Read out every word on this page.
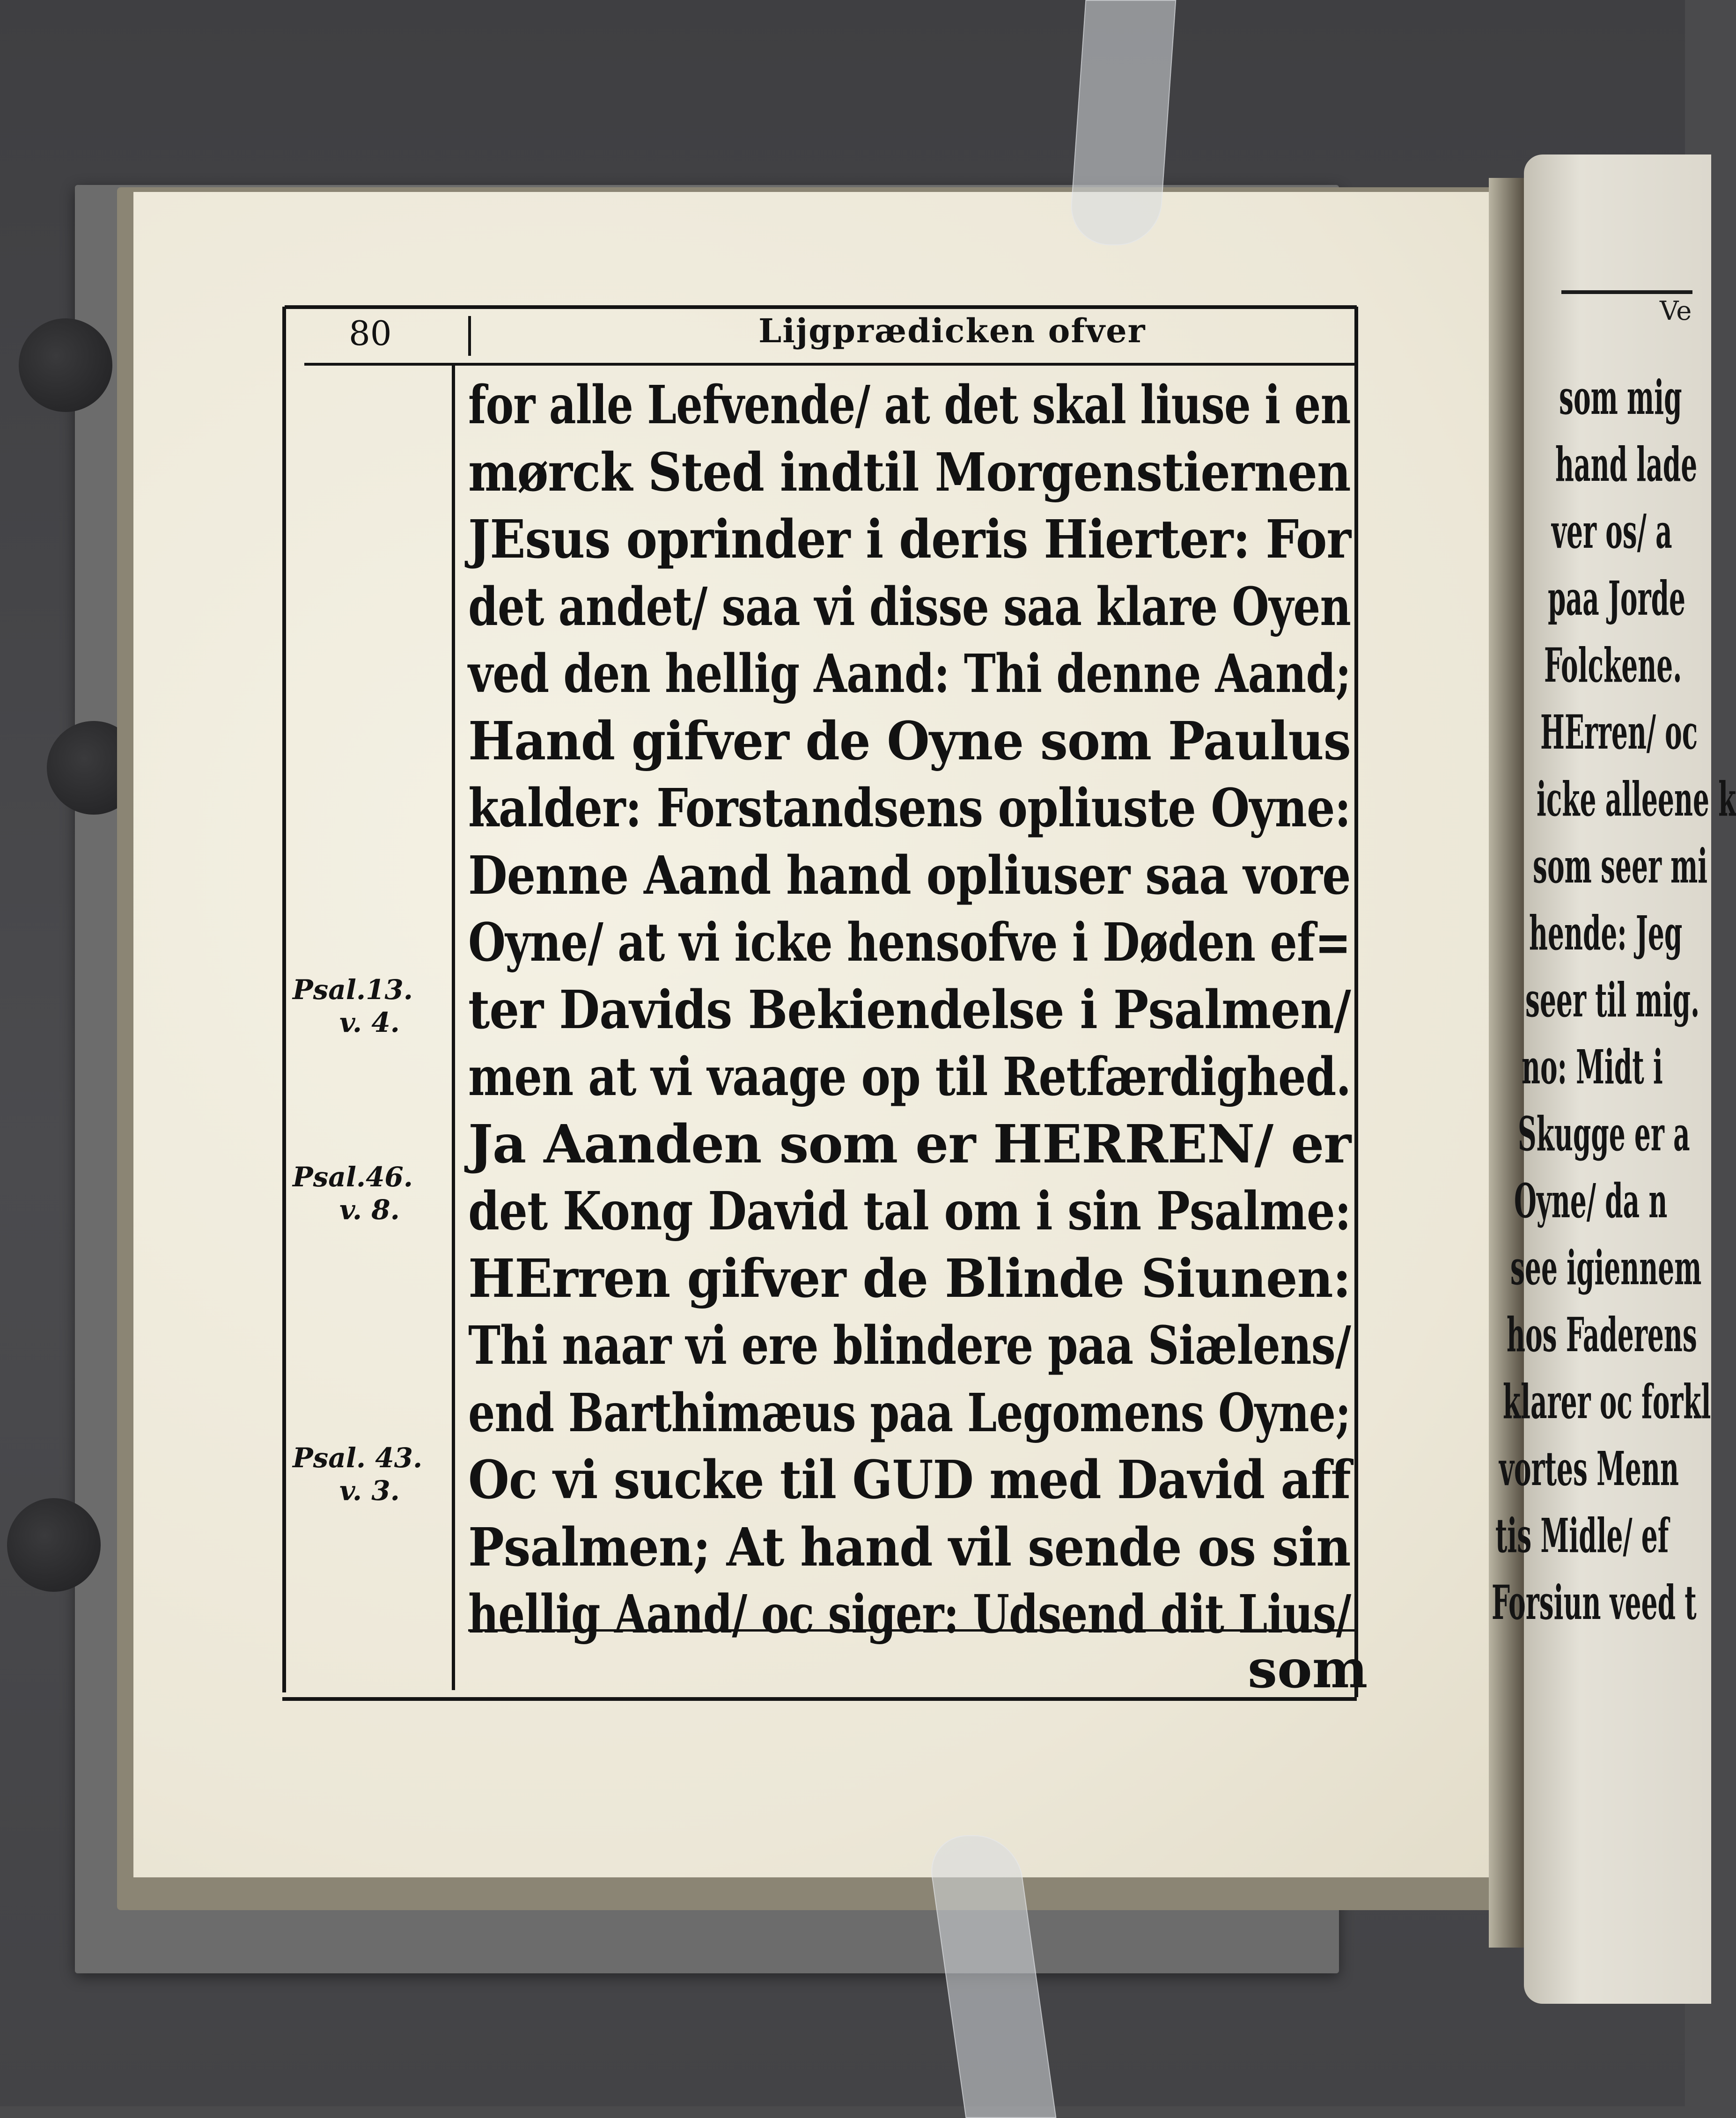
Ve
som mig
hand lade
ver os/ a
paa Jorde
Folckene.
HErren/ oc
icke alleene k
som seer mi
hende: Jeg
seer til mig.
no: Midt i
Skugge er a
Oyne/ da n
see igiennem
hos Faderens
klarer oc forkl
vortes Menn
tis Midle/ ef
Forsiun veed t
80	Lijgprædicken ofver
for alle Lefvende/ at det skal liuse i en
mørck Sted indtil Morgenstiernen
JEsus oprinder i deris Hierter: For
det andet/ saa vi disse saa klare Oyen
ved den hellig Aand: Thi denne Aand;
Hand gifver de Oyne som Paulus
kalder: Forstandsens opliuste Oyne:
Denne Aand hand opliuser saa vore
Oyne/ at vi icke hensofve i Døden ef=
ter Davids Bekiendelse i Psalmen/
men at vi vaage op til Retfærdighed.
Ja Aanden som er HERREN/ er
det Kong David tal om i sin Psalme:
HErren gifver de Blinde Siunen:
Thi naar vi ere blindere paa Siælens/
end Barthimæus paa Legomens Oyne;
Oc vi sucke til GUD med David aff
Psalmen; At hand vil sende os sin
hellig Aand/ oc siger: Udsend dit Lius/
Psal.13.
v. 4.
Psal.46.
v. 8.
Psal. 43.
v. 3.
som
